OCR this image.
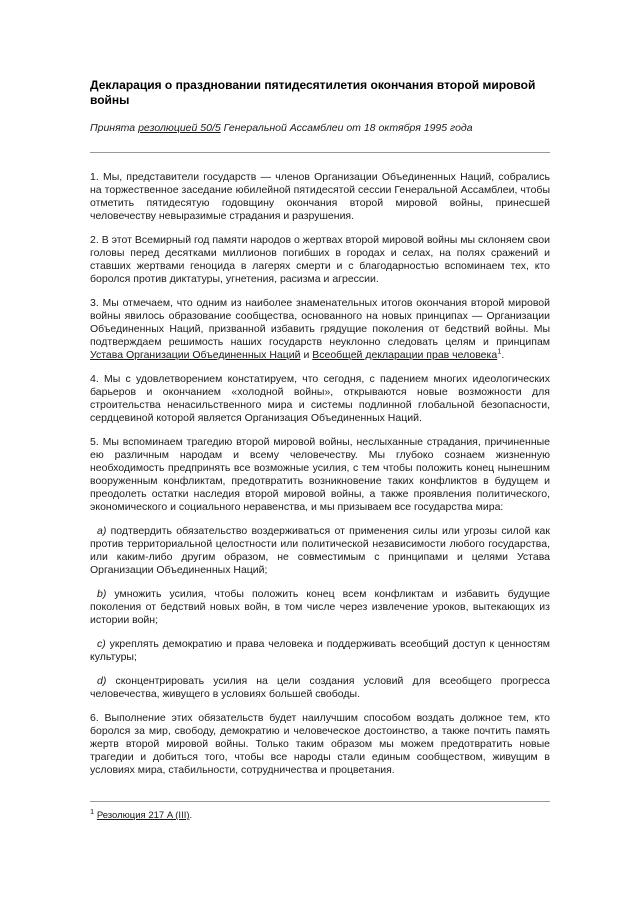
Декларация о праздновании пятидесятилетия окончания второй мировой войны

Принята резолюцией 50/5 Генеральной Ассамблеи от 18 октября 1995 года

1. Мы, представители государств — членов Организации Объединенных Наций, собрались на торжественное заседание юбилейной пятидесятой сессии Генеральной Ассамблеи, чтобы отметить пятидесятую годовщину окончания второй мировой войны, принесшей человечеству невыразимые страдания и разрушения.

2. В этот Всемирный год памяти народов о жертвах второй мировой войны мы склоняем свои головы перед десятками миллионов погибших в городах и селах, на полях сражений и ставших жертвами геноцида в лагерях смерти и с благодарностью вспоминаем тех, кто боролся против диктатуры, угнетения, расизма и агрессии.

3. Мы отмечаем, что одним из наиболее знаменательных итогов окончания второй мировой войны явилось образование сообщества, основанного на новых принципах — Организации Объединенных Наций, призванной избавить грядущие поколения от бедствий войны. Мы подтверждаем решимость наших государств неуклонно следовать целям и принципам Устава Организации Объединенных Наций и Всеобщей декларации прав человека$^1$.

4. Мы с удовлетворением констатируем, что сегодня, с падением многих идеологических барьеров и окончанием «холодной войны», открываются новые возможности для строительства ненасильственного мира и системы подлинной глобальной безопасности, сердцевиной которой является Организация Объединенных Наций.

5. Мы вспоминаем трагедию второй мировой войны, неслыханные страдания, причиненные ею различным народам и всему человечеству. Мы глубоко сознаем жизненную необходимость предпринять все возможные усилия, с тем чтобы положить конец нынешним вооруженным конфликтам, предотвратить возникновение таких конфликтов в будущем и преодолеть остатки наследия второй мировой войны, а также проявления политического, экономического и социального неравенства, и мы призываем все государства мира:

a) подтвердить обязательство воздерживаться от применения силы или угрозы силой как против территориальной целостности или политической независимости любого государства, или каким-либо другим образом, не совместимым с принципами и целями Устава Организации Объединенных Наций;

b) умножить усилия, чтобы положить конец всем конфликтам и избавить будущие поколения от бедствий новых войн, в том числе через извлечение уроков, вытекающих из истории войн;

c) укреплять демократию и права человека и поддерживать всеобщий доступ к ценностям культуры;

d) сконцентрировать усилия на цели создания условий для всеобщего прогресса человечества, живущего в условиях большей свободы.

6. Выполнение этих обязательств будет наилучшим способом воздать должное тем, кто боролся за мир, свободу, демократию и человеческое достоинство, а также почтить память жертв второй мировой войны. Только таким образом мы можем предотвратить новые трагедии и добиться того, чтобы все народы стали единым сообществом, живущим в условиях мира, стабильности, сотрудничества и процветания.

$^1$ Резолюция 217 A (III).
